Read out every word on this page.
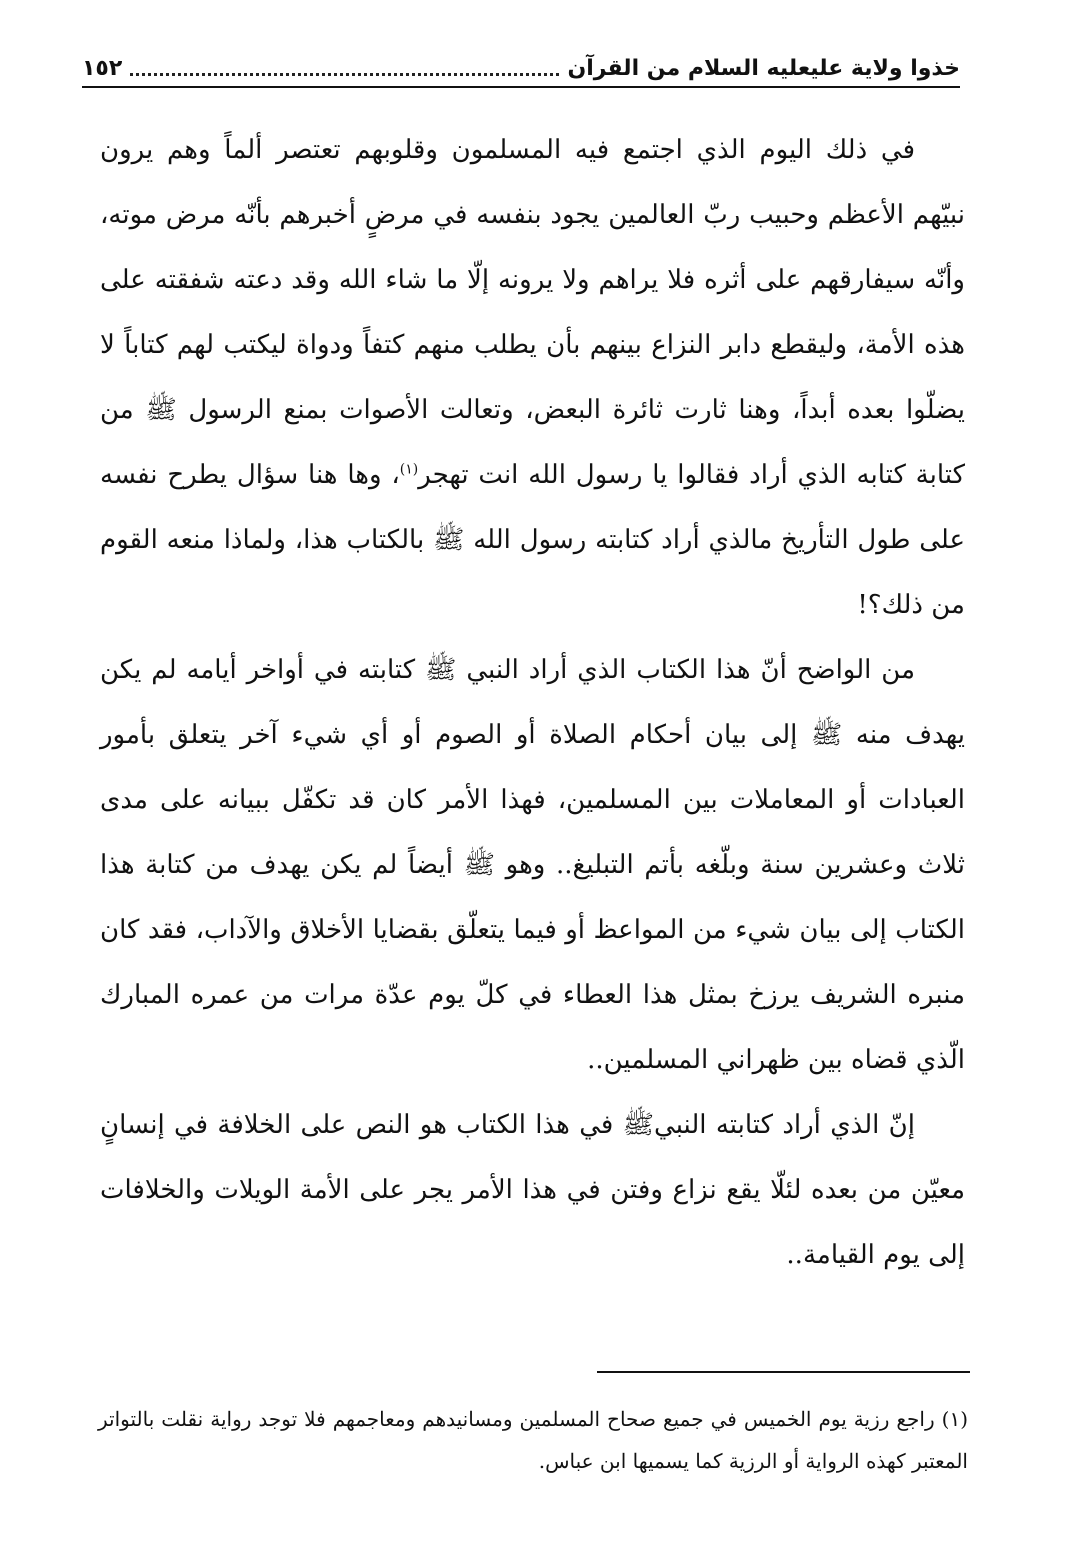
خذوا ولاية عليعليه السلام من القرآن
١٥٢

في ذلك اليوم الذي اجتمع فيه المسلمون وقلوبهم تعتصر ألماً وهم يرون نبيّهم الأعظم وحبيب ربّ العالمين يجود بنفسه في مرضٍ أخبرهم بأنّه مرض موته، وأنّه سيفارقهم على أثره فلا يراهم ولا يرونه إلّا ما شاء الله وقد دعته شفقته على هذه الأمة، وليقطع دابر النزاع بينهم بأن يطلب منهم كتفاً ودواة ليكتب لهم كتاباً لا يضلّوا بعده أبداً، وهنا ثارت ثائرة البعض، وتعالت الأصوات بمنع الرسول ﷺ من كتابة كتابه الذي أراد فقالوا يا رسول الله انت تهجر$^{(١)}$، وها هنا سؤال يطرح نفسه على طول التأريخ مالذي أراد كتابته رسول الله ﷺ بالكتاب هذا، ولماذا منعه القوم من ذلك؟!

من الواضح أنّ هذا الكتاب الذي أراد النبي ﷺ كتابته في أواخر أيامه لم يكن يهدف منه ﷺ إلى بيان أحكام الصلاة أو الصوم أو أي شيء آخر يتعلق بأمور العبادات أو المعاملات بين المسلمين، فهذا الأمر كان قد تكفّل ببيانه على مدى ثلاث وعشرين سنة وبلّغه بأتم التبليغ.. وهو ﷺ أيضاً لم يكن يهدف من كتابة هذا الكتاب إلى بيان شيء من المواعظ أو فيما يتعلّق بقضايا الأخلاق والآداب، فقد كان منبره الشريف يرزخ بمثل هذا العطاء في كلّ يوم عدّة مرات من عمره المبارك الّذي قضاه بين ظهراني المسلمين..

إنّ الذي أراد كتابته النبيﷺ في هذا الكتاب هو النص على الخلافة في إنسانٍ معيّن من بعده لئلّا يقع نزاع وفتن في هذا الأمر يجر على الأمة الويلات والخلافات إلى يوم القيامة..

(١) راجع رزية يوم الخميس في جميع صحاح المسلمين ومسانيدهم ومعاجمهم فلا توجد رواية نقلت بالتواتر المعتبر كهذه الرواية أو الرزية كما يسميها ابن عباس.
